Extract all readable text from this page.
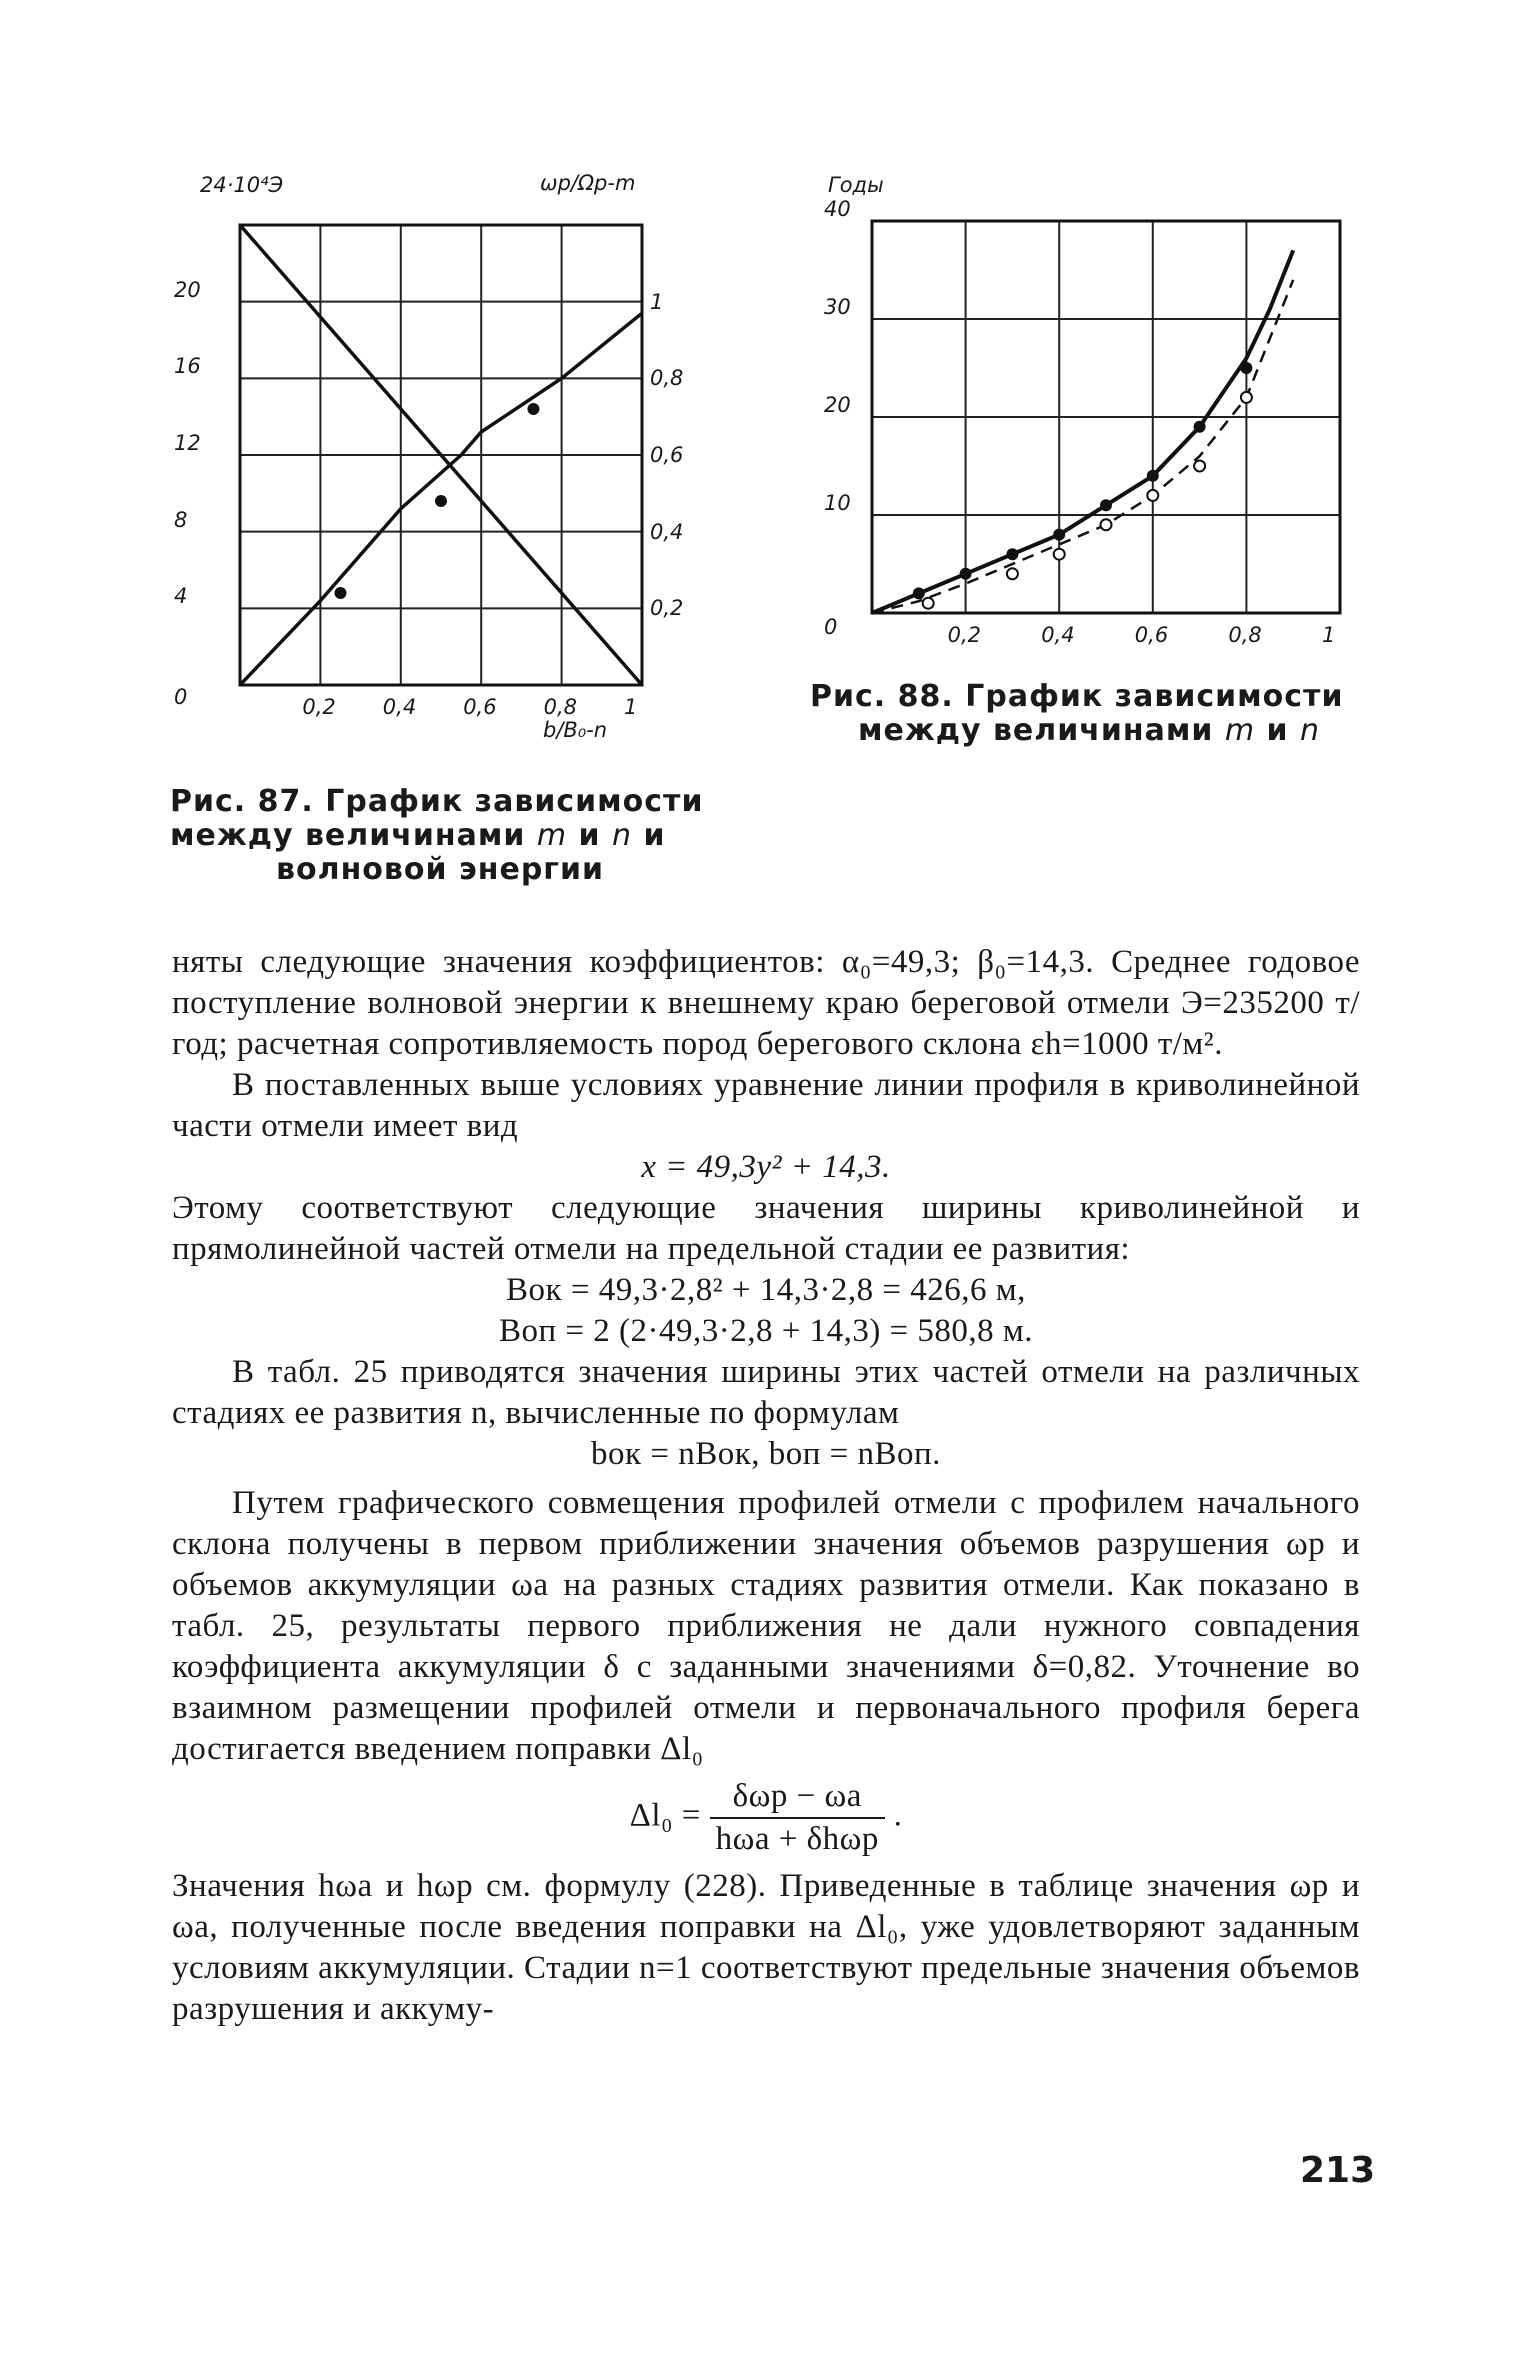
24·10⁴Э	ωр/Ωр-m
b/B₀-n
0
4
8
12
16
20
0,2
0,4
0,6
0,8
1
0,2 0,4 0,6 0,8 1
Рис. 87. График зависимости
между величинами m и n и
волновой энергии
Годы
0
10
20
30
40
0,2	0,4	0,6	0,8	1
Рис. 88. График зависимости
между величинами m и n

няты следующие значения коэффициентов: α₀=49,3; β₀=14,3. Среднее годовое поступление волновой энергии к внешнему краю береговой отмели Э=235200 т/год; расчетная сопротивляемость пород берегового склона εh=1000 т/м².

В поставленных выше условиях уравнение линии профиля в криволинейной части отмели имеет вид

x = 49,3y² + 14,3.

Этому соответствуют следующие значения ширины криволинейной и прямолинейной частей отмели на предельной стадии ее развития:

Bок = 49,3·2,8² + 14,3·2,8 = 426,6 м,

Bоп = 2 (2·49,3·2,8 + 14,3) = 580,8 м.

В табл. 25 приводятся значения ширины этих частей отмели на различных стадиях ее развития n, вычисленные по формулам

bок = nBок, bоп = nBоп.

Путем графического совмещения профилей отмели с профилем начального склона получены в первом приближении значения объемов разрушения ωр и объемов аккумуляции ωа на разных стадиях развития отмели. Как показано в табл. 25, результаты первого приближения не дали нужного совпадения коэффициента аккумуляции δ с заданными значениями δ=0,82. Уточнение во взаимном размещении профилей отмели и первоначального профиля берега достигается введением поправки Δl₀

$\Delta l_0 = \frac{\text{δωр − ωа}}{\text{hωа + δhωр}}$ .

Значения hωа и hωр см. формулу (228). Приведенные в таблице значения ωр и ωа, полученные после введения поправки на Δl₀, уже удовлетворяют заданным условиям аккумуляции. Стадии n=1 соответствуют предельные значения объемов разрушения и аккуму-

213
